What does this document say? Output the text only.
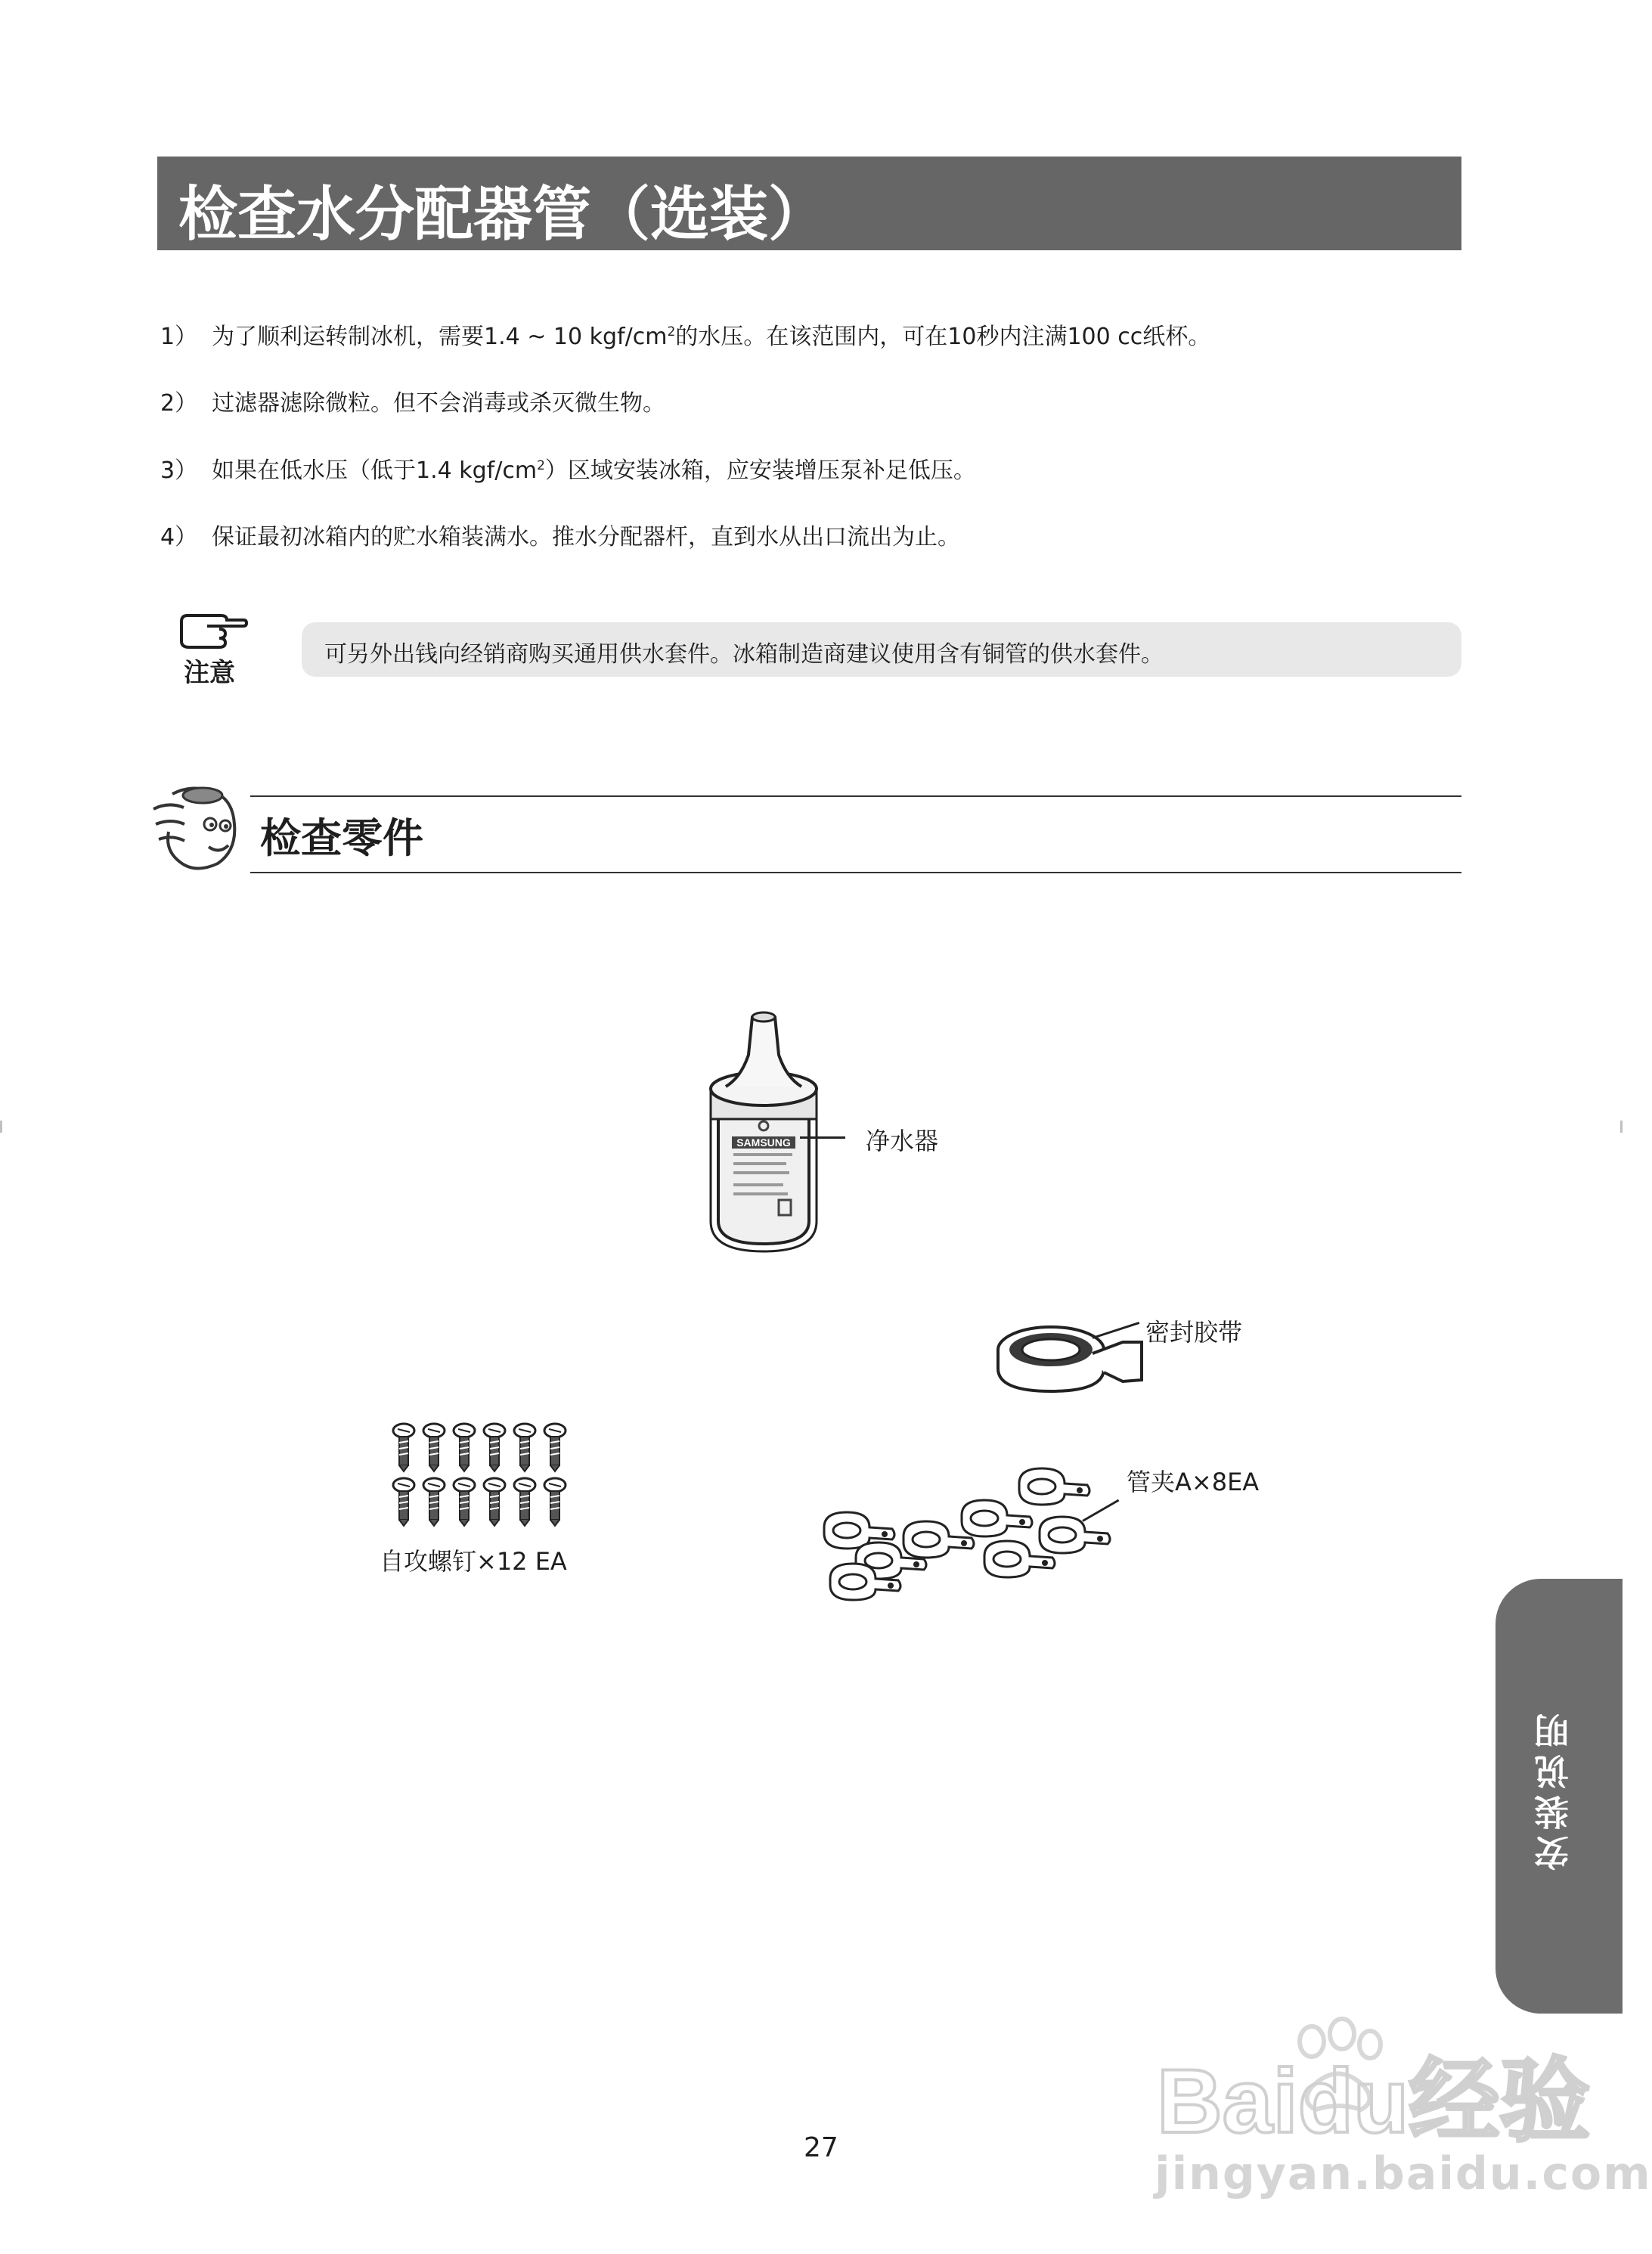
检查水分配器管（选装）
1） 为了顺利运转制冰机，需要1.4 ~ 10 kgf/$cm^2$的水压。在该范围内，可在10秒内注满100 cc纸杯。
2） 过滤器滤除微粒。但不会消毒或杀灭微生物。
3） 如果在低水压（低于1.4 kgf/$cm^2$）区域安装冰箱，应安装增压泵补足低压。
4） 保证最初冰箱内的贮水箱装满水。推水分配器杆，直到水从出口流出为止。
注意
可另外出钱向经销商购买通用供水套件。冰箱制造商建议使用含有铜管的供水套件。
检查零件
SAMSUNG	净水器
密封胶带
自攻螺钉×12 EA
管夹A×8EA
安装说明
27	Baidu经验
jingyan.baidu.com
